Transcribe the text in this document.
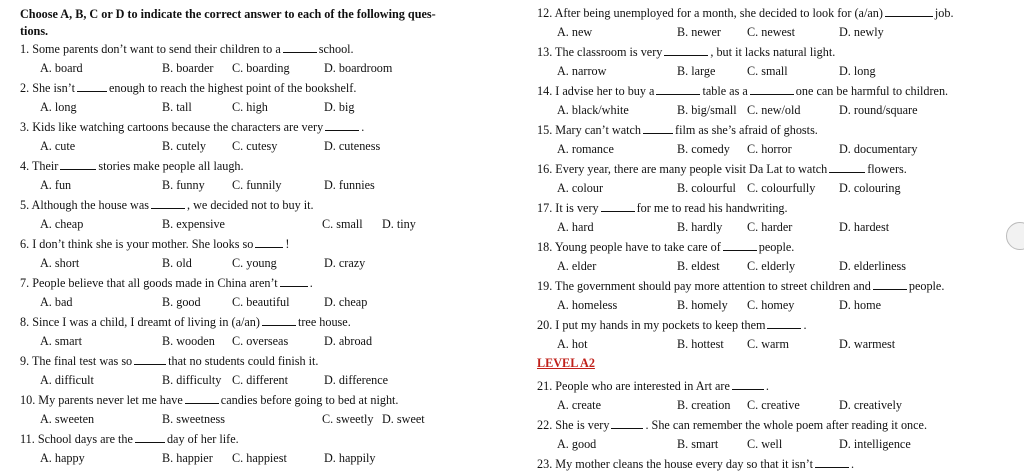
Choose A, B, C or D to indicate the correct answer to each of the following ques-
tions.
1. Some parents don’t want to send their children to a	school.
A. board	B. boarder C. boarding	D. boardroom
2. She isn’t	enough to reach the highest point of the bookshelf.
A. long	B. tall	C. high	D. big
3. Kids like watching cartoons because the characters are very	.
A. cute	B. cutely C. cutesy	D. cuteness
4. Their	stories make people all laugh.
A. fun	B. funny C. funnily	D. funnies
5. Although the house was	, we decided not to buy it.
A. cheap	B. expensive	C. small D. tiny
6. I don’t think she is your mother. She looks so	!
A. short	B. old	C. young	D. crazy
7. People believe that all goods made in China aren’t	.
A. bad	B. good	C. beautiful	D. cheap
8. Since I was a child, I dreamt of living in (a/an)	tree house.
A. smart	B. wooden C. overseas	D. abroad
9. The final test was so	that no students could finish it.
A. difficult	B. difficulty C. different	D. difference
10. My parents never let me have	candies before going to bed at night.
A. sweeten	B. sweetness	C. sweetly D. sweet
11. School days are the	day of her life.
A. happy	B. happier C. happiest	D. happily
12. After being unemployed for a month, she decided to look for (a/an)	job.
A. new	B. newer C. newest	D. newly
13. The classroom is very	, but it lacks natural light.
A. narrow	B. large	C. small	D. long
14. I advise her to buy a	table as a	one can be harmful to children.
A. black/white	B. big/small C. new/old	D. round/square
15. Mary can’t watch	film as she’s afraid of ghosts.
A. romance	B. comedy C. horror	D. documentary
16. Every year, there are many people visit Da Lat to watch	flowers.
A. colour	B. colourful C. colourfully D. colouring
17. It is very	for me to read his handwriting.
A. hard	B. hardly C. harder	D. hardest
18. Young people have to take care of	people.
A. elder	B. eldest C. elderly	D. elderliness
19. The government should pay more attention to street children and	people.
A. homeless	B. homely C. homey	D. home
20. I put my hands in my pockets to keep them	.
A. hot	B. hottest C. warm	D. warmest
21. People who are interested in Art are	.
A. create	B. creation C. creative	D. creatively
22. She is very	. She can remember the whole poem after reading it once.
A. good	B. smart C. well	D. intelligence
23. My mother cleans the house every day so that it isn’t	.
LEVEL A2
